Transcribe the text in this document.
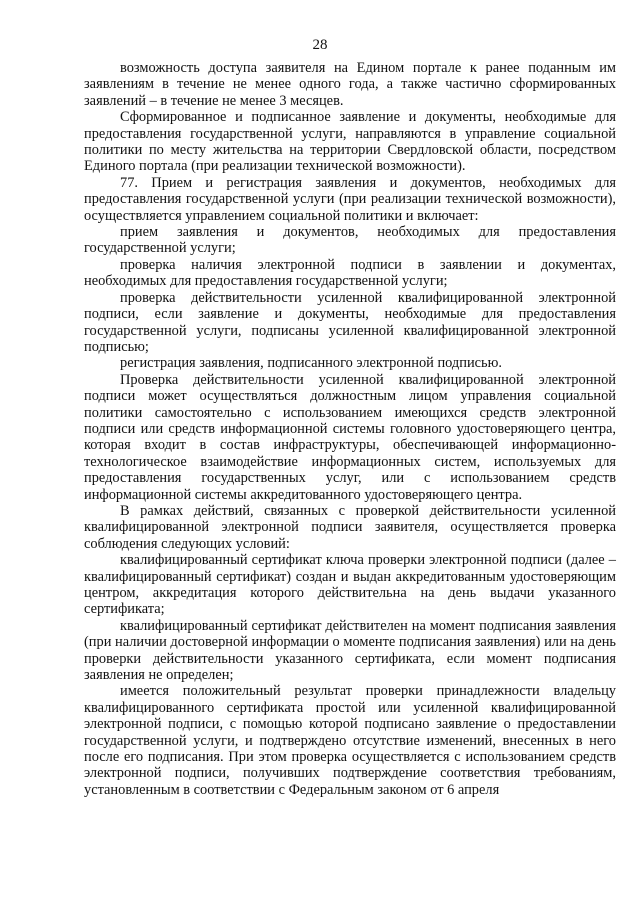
28

возможность доступа заявителя на Едином портале к ранее поданным им заявлениям в течение не менее одного года, а также частично сформированных заявлений – в течение не менее 3 месяцев.

Сформированное и подписанное заявление и документы, необходимые для предоставления государственной услуги, направляются в управление социальной политики по месту жительства на территории Свердловской области, посредством Единого портала (при реализации технической возможности).

77. Прием и регистрация заявления и документов, необходимых для предоставления государственной услуги (при реализации технической возможности), осуществляется управлением социальной политики и включает:

прием заявления и документов, необходимых для предоставления государственной услуги;

проверка наличия электронной подписи в заявлении и документах, необходимых для предоставления государственной услуги;

проверка действительности усиленной квалифицированной электронной подписи, если заявление и документы, необходимые для предоставления государственной услуги, подписаны усиленной квалифицированной электронной подписью;

регистрация заявления, подписанного электронной подписью.

Проверка действительности усиленной квалифицированной электронной подписи может осуществляться должностным лицом управления социальной политики самостоятельно с использованием имеющихся средств электронной подписи или средств информационной системы головного удостоверяющего центра, которая входит в состав инфраструктуры, обеспечивающей информационно-технологическое взаимодействие информационных систем, используемых для предоставления государственных услуг, или с использованием средств информационной системы аккредитованного удостоверяющего центра.

В рамках действий, связанных с проверкой действительности усиленной квалифицированной электронной подписи заявителя, осуществляется проверка соблюдения следующих условий:

квалифицированный сертификат ключа проверки электронной подписи (далее – квалифицированный сертификат) создан и выдан аккредитованным удостоверяющим центром, аккредитация которого действительна на день выдачи указанного сертификата;

квалифицированный сертификат действителен на момент подписания заявления (при наличии достоверной информации о моменте подписания заявления) или на день проверки действительности указанного сертификата, если момент подписания заявления не определен;

имеется положительный результат проверки принадлежности владельцу квалифицированного сертификата простой или усиленной квалифицированной электронной подписи, с помощью которой подписано заявление о предоставлении государственной услуги, и подтверждено отсутствие изменений, внесенных в него после его подписания. При этом проверка осуществляется с использованием средств электронной подписи, получивших подтверждение соответствия требованиям, установленным в соответствии с Федеральным законом от 6 апреля
